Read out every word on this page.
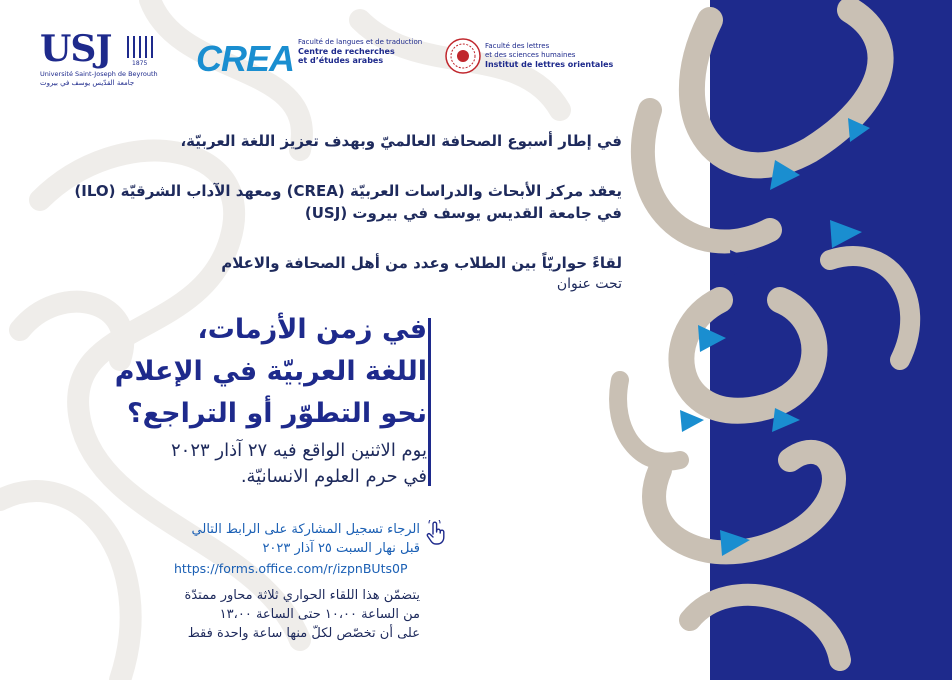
USJ	1875
Université Saint-Joseph de Beyrouth
جامعة القدّيس يوسف في بيروت
CREA Faculté de langues et de traduction
Centre de recherches
et d’études arabes
Faculté des lettres
et des sciences humaines
Institut de lettres orientales
في إطار أسبوع الصحافة العالميّ وبهدف تعزيز اللغة العربيّة،
يعقد مركز الأبحاث والدراسات العربيّة (CREA) ومعهد الآداب الشرقيّة (ILO)
في جامعة القديس يوسف في بيروت (USJ)
لقاءً حواريّاً بين الطلاب وعدد من أهل الصحافة والاعلام
تحت عنوان
في زمن الأزمات،
اللغة العربيّة في الإعلام
نحو التطوّر أو التراجع؟
يوم الاثنين الواقع فيه ٢٧ آذار ٢٠٢٣
في حرم العلوم الانسانيّة.
الرجاء تسجيل المشاركة على الرابط التالي
قبل نهار السبت ٢٥ آذار ٢٠٢٣
https://forms.office.com/r/izpnBUts0P
يتضمّن هذا اللقاء الحواري ثلاثة محاور ممتدّة
من الساعة ١٠،٠٠ حتى الساعة ١٣،٠٠
على أن تخصّص لكلّ منها ساعة واحدة فقط
